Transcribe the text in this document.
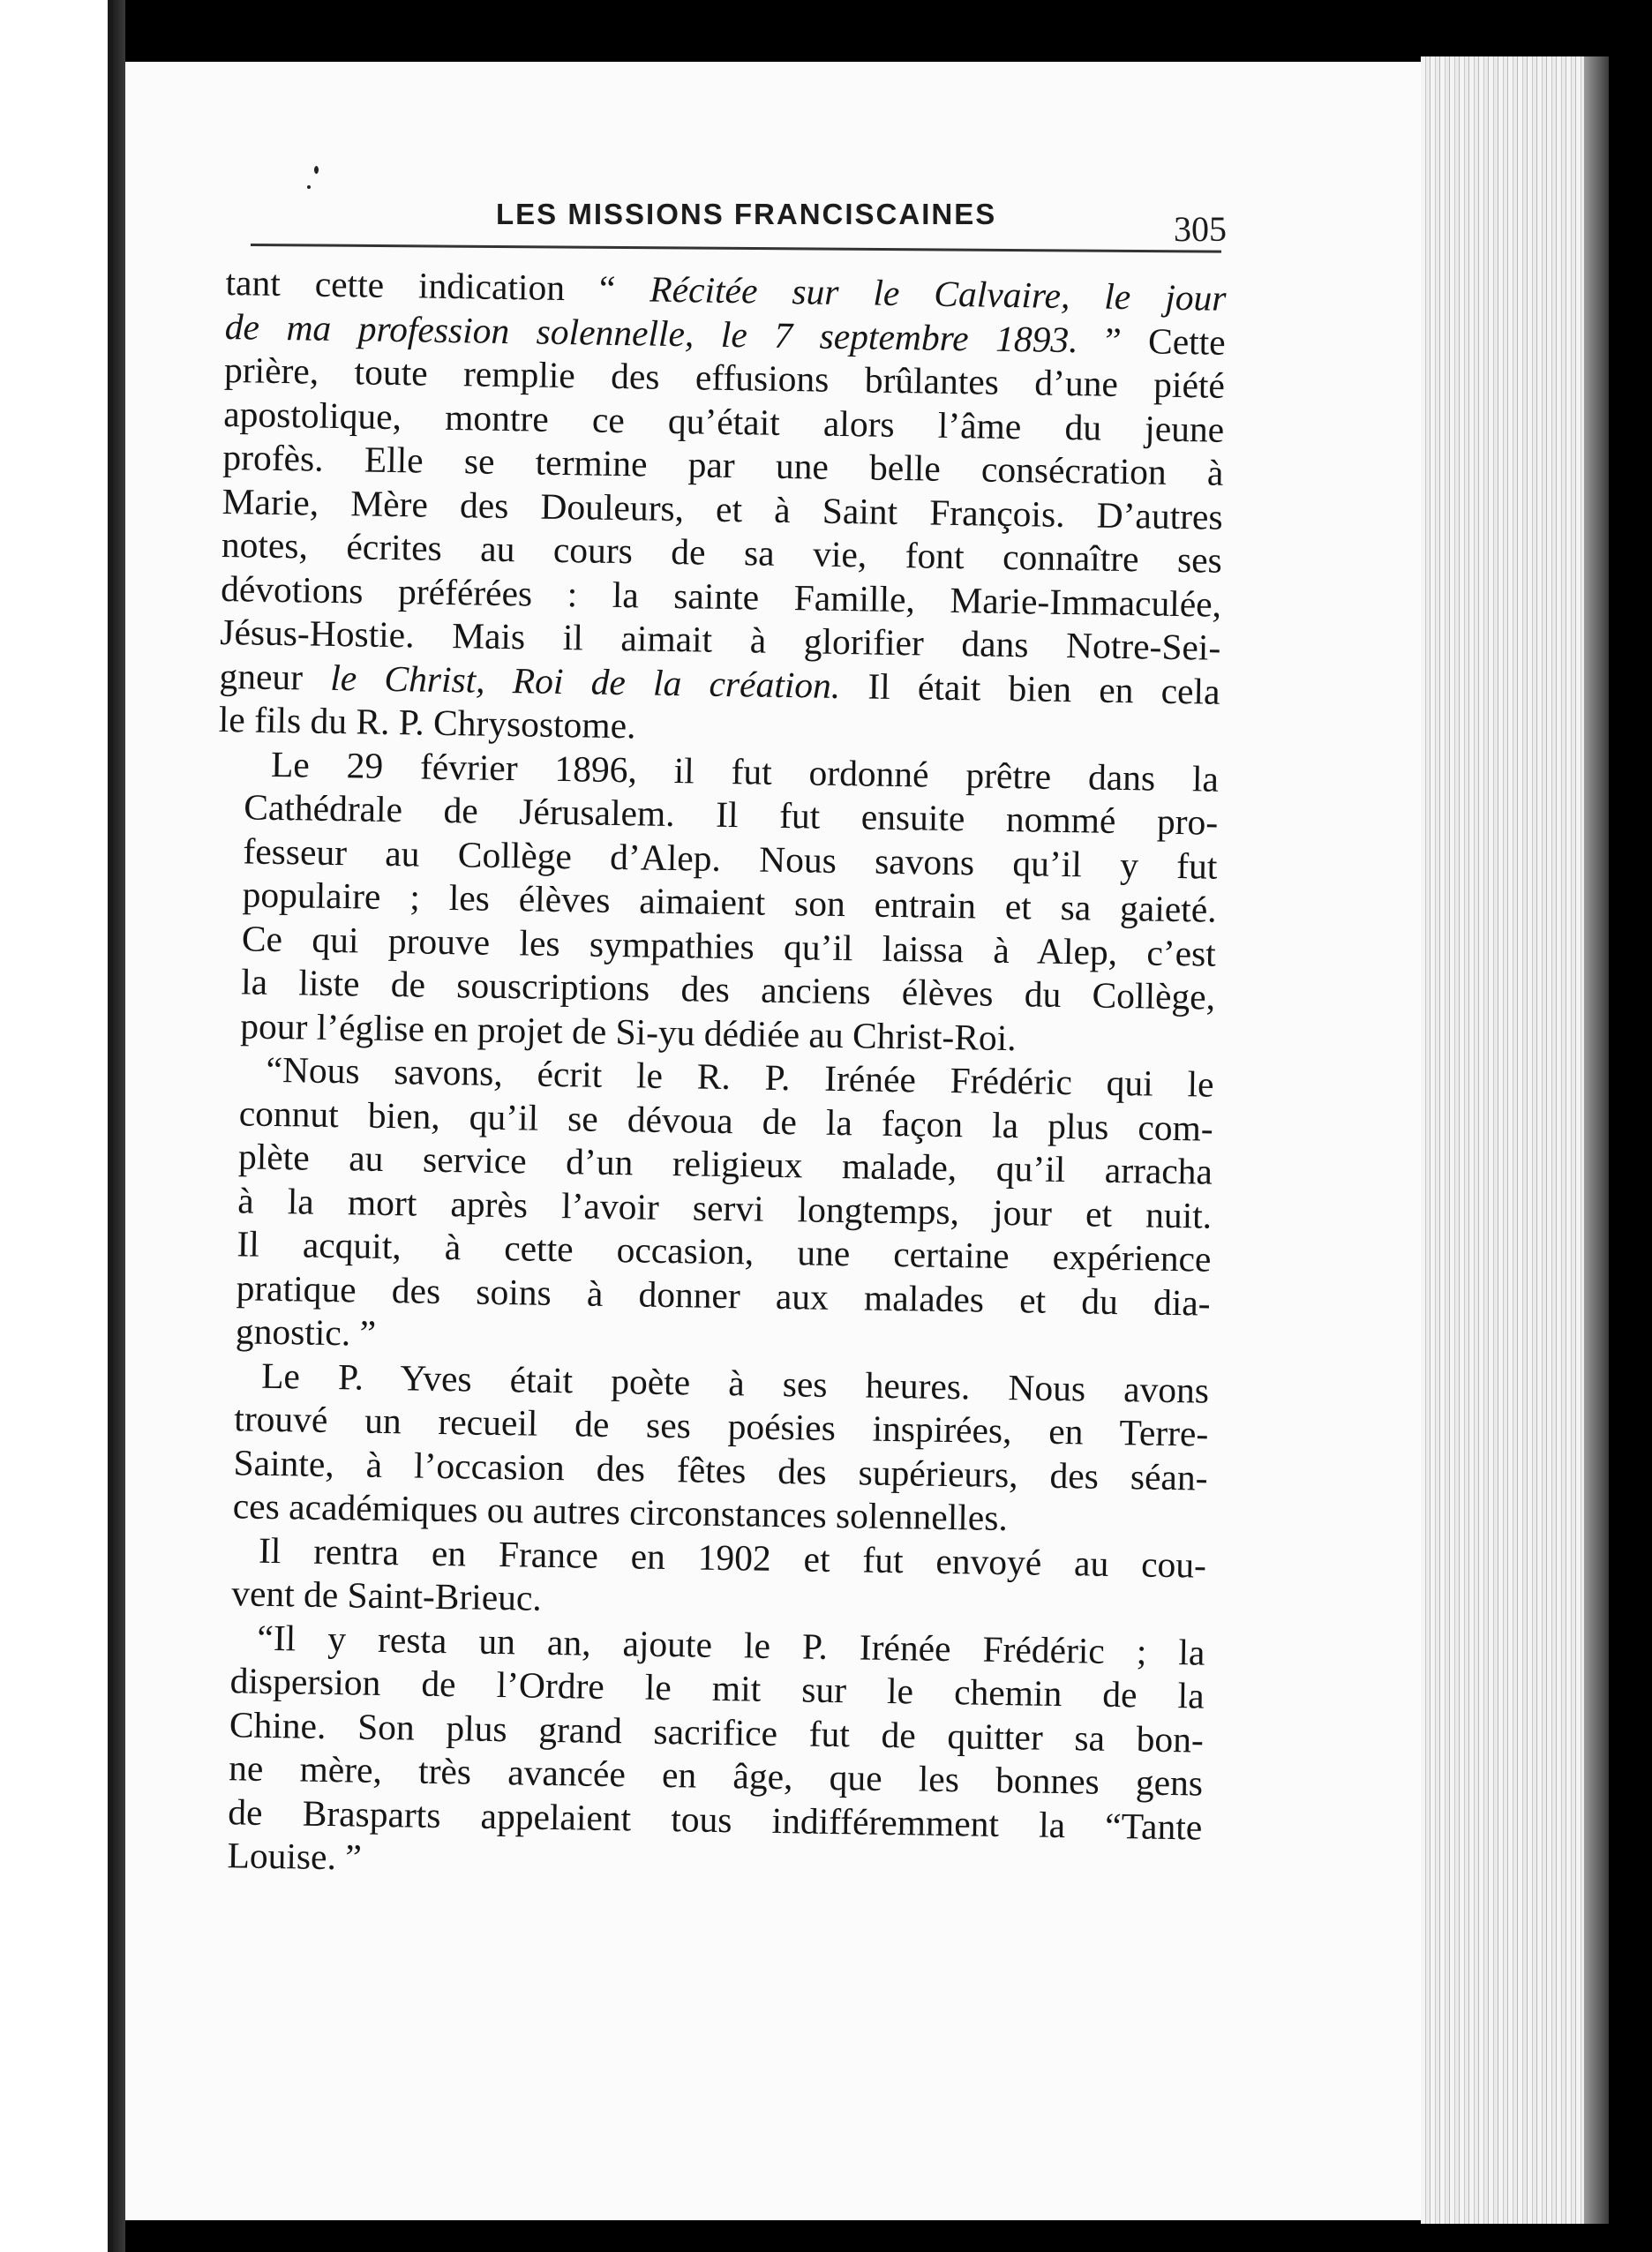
LES MISSIONS FRANCISCAINES	305
tant cette indication “ Récitée sur le Calvaire, le jour
de ma profession solennelle, le 7 septembre 1893. ” Cette
prière, toute remplie des effusions brûlantes d’une piété
apostolique, montre ce qu’était alors l’âme du jeune
profès. Elle se termine par une belle consécration à
Marie, Mère des Douleurs, et à Saint François. D’autres
notes, écrites au cours de sa vie, font connaître ses
dévotions préférées : la sainte Famille, Marie-Immaculée,
Jésus-Hostie. Mais il aimait à glorifier dans Notre-Sei-
gneur le Christ, Roi de la création. Il était bien en cela
le fils du R. P. Chrysostome.
Le 29 février 1896, il fut ordonné prêtre dans la
Cathédrale de Jérusalem. Il fut ensuite nommé pro-
fesseur au Collège d’Alep. Nous savons qu’il y fut
populaire ; les élèves aimaient son entrain et sa gaieté.
Ce qui prouve les sympathies qu’il laissa à Alep, c’est
la liste de souscriptions des anciens élèves du Collège,
pour l’église en projet de Si-yu dédiée au Christ-Roi.
“Nous savons, écrit le R. P. Irénée Frédéric qui le
connut bien, qu’il se dévoua de la façon la plus com-
plète au service d’un religieux malade, qu’il arracha
à la mort après l’avoir servi longtemps, jour et nuit.
Il acquit, à cette occasion, une certaine expérience
pratique des soins à donner aux malades et du dia-
gnostic. ”
Le P. Yves était poète à ses heures. Nous avons
trouvé un recueil de ses poésies inspirées, en Terre-
Sainte, à l’occasion des fêtes des supérieurs, des séan-
ces académiques ou autres circonstances solennelles.
Il rentra en France en 1902 et fut envoyé au cou-
vent de Saint-Brieuc.
“Il y resta un an, ajoute le P. Irénée Frédéric ; la
dispersion de l’Ordre le mit sur le chemin de la
Chine. Son plus grand sacrifice fut de quitter sa bon-
ne mère, très avancée en âge, que les bonnes gens
de Brasparts appelaient tous indifféremment la “Tante
Louise. ”
